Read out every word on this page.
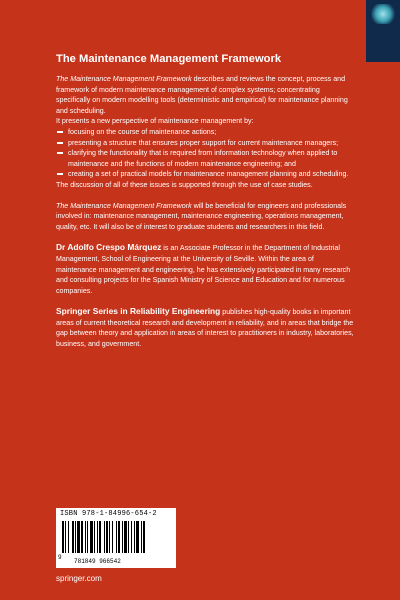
The Maintenance Management Framework

The Maintenance Management Framework describes and reviews the concept, process and framework of modern maintenance management of complex systems; concentrating specifically on modern modelling tools (deterministic and empirical) for maintenance planning and scheduling.

It presents a new perspective of maintenance management by:

focusing on the course of maintenance actions;
presenting a structure that ensures proper support for current maintenance managers;
clarifying the functionality that is required from information technology when applied to maintenance and the functions of modern maintenance engineering; and
creating a set of practical models for maintenance management planning and scheduling.

The discussion of all of these issues is supported through the use of case studies.

The Maintenance Management Framework will be beneficial for engineers and professionals involved in: maintenance management, maintenance engineering, operations management, quality, etc. It will also be of interest to graduate students and researchers in this field.

Dr Adolfo Crespo Márquez is an Associate Professor in the Department of Industrial Management, School of Engineering at the University of Seville. Within the area of maintenance management and engineering, he has extensively participated in many research and consulting projects for the Spanish Ministry of Science and Education and for numerous companies.

Springer Series in Reliability Engineering publishes high-quality books in important areas of current theoretical research and development in reliability, and in areas that bridge the gap between theory and application in areas of interest to practitioners in industry, laboratories, business, and government.

ISBN 978-1-84996-654-2
9
781849 966542
springer.com
